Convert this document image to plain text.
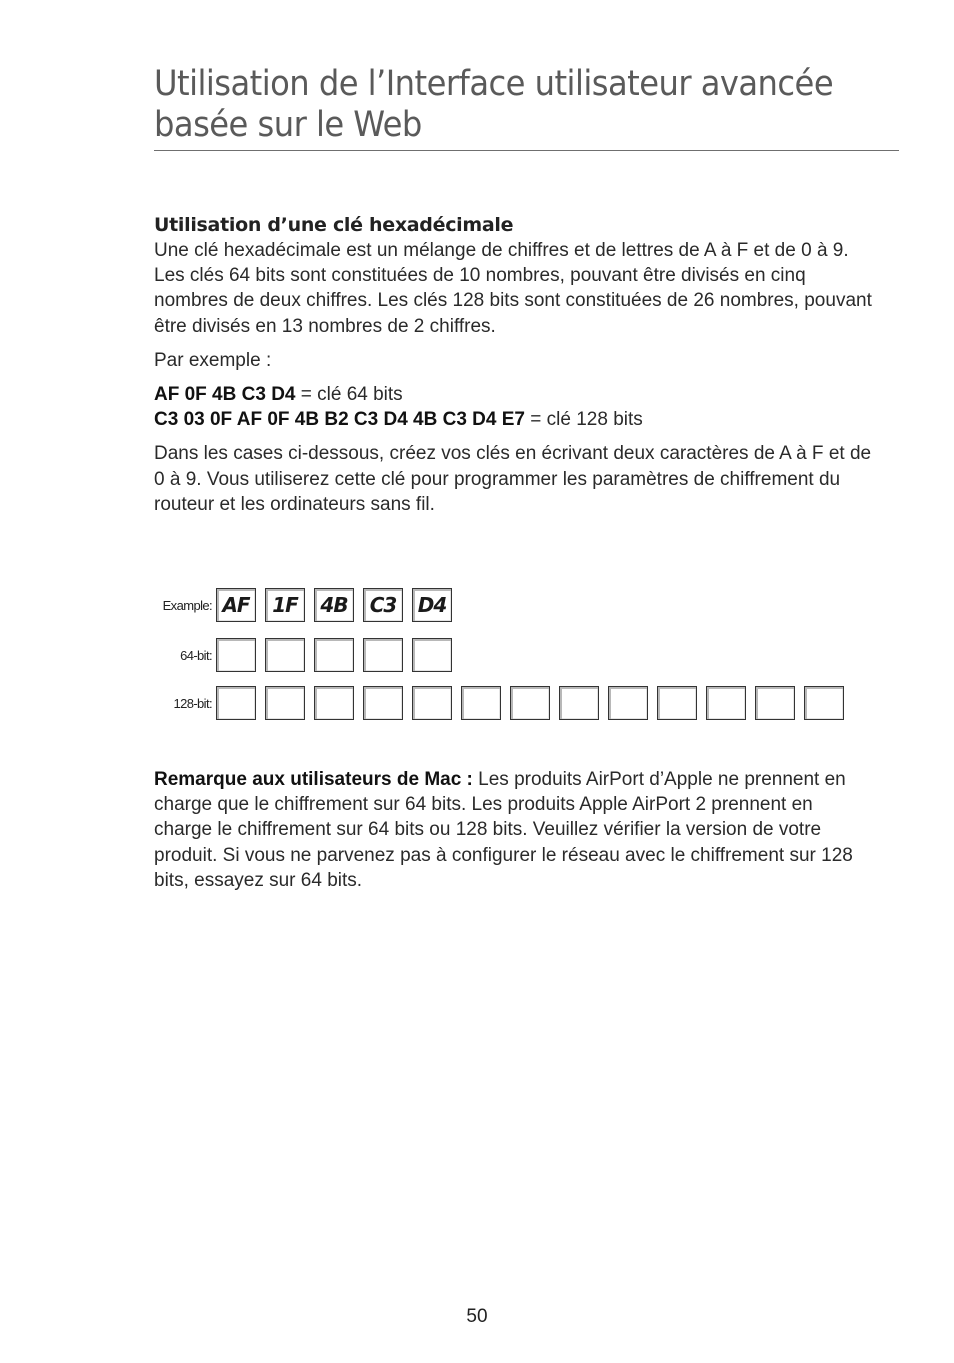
Utilisation de l’Interface utilisateur avancée
basée sur le Web
Utilisation d’une clé hexadécimale

Une clé hexadécimale est un mélange de chiffres et de lettres de A à F et de 0 à 9. Les clés 64 bits sont constituées de 10 nombres, pouvant être divisés en cinq nombres de deux chiffres. Les clés 128 bits sont constituées de 26 nombres, pouvant être divisés en 13 nombres de 2 chiffres.

Par exemple :

AF 0F 4B C3 D4 = clé 64 bits
C3 03 0F AF 0F 4B B2 C3 D4 4B C3 D4 E7 = clé 128 bits

Dans les cases ci-dessous, créez vos clés en écrivant deux caractères de A à F et de 0 à 9. Vous utiliserez cette clé pour programmer les paramètres de chiffrement du routeur et les ordinateurs sans fil.

Example: AF	1F	4B	C3	D4
64-bit:
128-bit:

Remarque aux utilisateurs de Mac : Les produits AirPort d’Apple ne prennent en charge que le chiffrement sur 64 bits. Les produits Apple AirPort 2 prennent en charge le chiffrement sur 64 bits ou 128 bits. Veuillez vérifier la version de votre produit. Si vous ne parvenez pas à configurer le réseau avec le chiffrement sur 128 bits, essayez sur 64 bits.

50
